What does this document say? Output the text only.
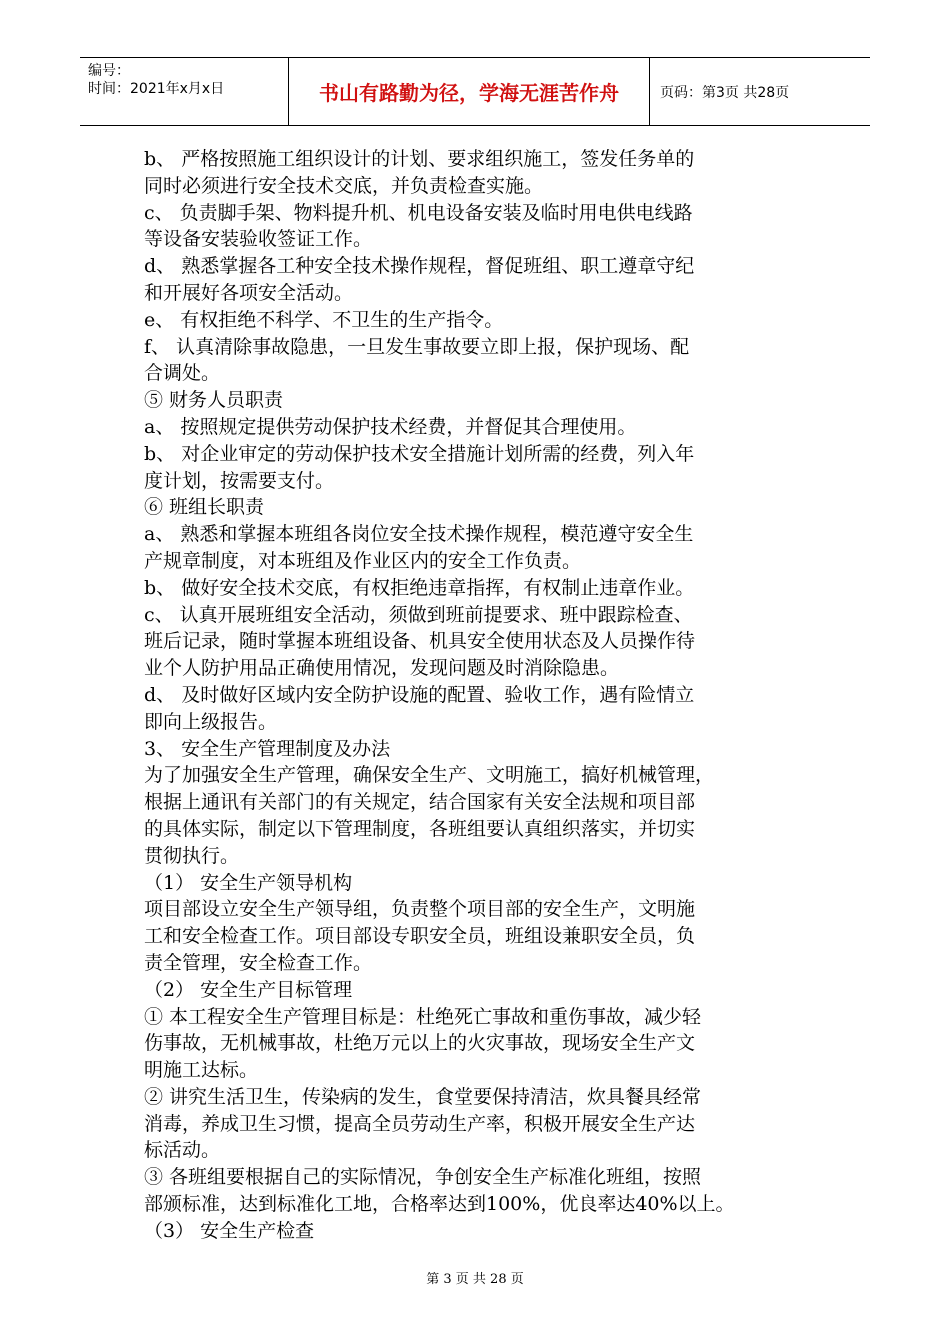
编号：
时间：2021年x月x日	书山有路勤为径，学海无涯苦作舟	页码：第3页 共28页

b、 严格按照施工组织设计的计划、要求组织施工，签发任务单的

同时必须进行安全技术交底，并负责检查实施。

c、 负责脚手架、物料提升机、机电设备安装及临时用电供电线路

等设备安装验收签证工作。

d、 熟悉掌握各工种安全技术操作规程，督促班组、职工遵章守纪

和开展好各项安全活动。

e、 有权拒绝不科学、不卫生的生产指令。

f、 认真清除事故隐患，一旦发生事故要立即上报，保护现场、配

合调处。

⑤ 财务人员职责

a、 按照规定提供劳动保护技术经费，并督促其合理使用。

b、 对企业审定的劳动保护技术安全措施计划所需的经费，列入年

度计划，按需要支付。

⑥ 班组长职责

a、 熟悉和掌握本班组各岗位安全技术操作规程，模范遵守安全生

产规章制度，对本班组及作业区内的安全工作负责。

b、 做好安全技术交底，有权拒绝违章指挥，有权制止违章作业。

c、 认真开展班组安全活动，须做到班前提要求、班中跟踪检查、

班后记录，随时掌握本班组设备、机具安全使用状态及人员操作待

业个人防护用品正确使用情况，发现问题及时消除隐患。

d、 及时做好区域内安全防护设施的配置、验收工作，遇有险情立

即向上级报告。

3、 安全生产管理制度及办法

为了加强安全生产管理，确保安全生产、文明施工，搞好机械管理，

根据上通讯有关部门的有关规定，结合国家有关安全法规和项目部

的具体实际，制定以下管理制度，各班组要认真组织落实，并切实

贯彻执行。

（1） 安全生产领导机构

项目部设立安全生产领导组，负责整个项目部的安全生产，文明施

工和安全检查工作。项目部设专职安全员，班组设兼职安全员，负

责全管理，安全检查工作。

（2） 安全生产目标管理

① 本工程安全生产管理目标是：杜绝死亡事故和重伤事故，减少轻

伤事故，无机械事故，杜绝万元以上的火灾事故，现场安全生产文

明施工达标。

② 讲究生活卫生，传染病的发生，食堂要保持清洁，炊具餐具经常

消毒，养成卫生习惯，提高全员劳动生产率，积极开展安全生产达

标活动。

③ 各班组要根据自己的实际情况，争创安全生产标准化班组，按照

部颁标准，达到标准化工地，合格率达到100%，优良率达40%以上。

（3） 安全生产检查

第 3 页 共 28 页
